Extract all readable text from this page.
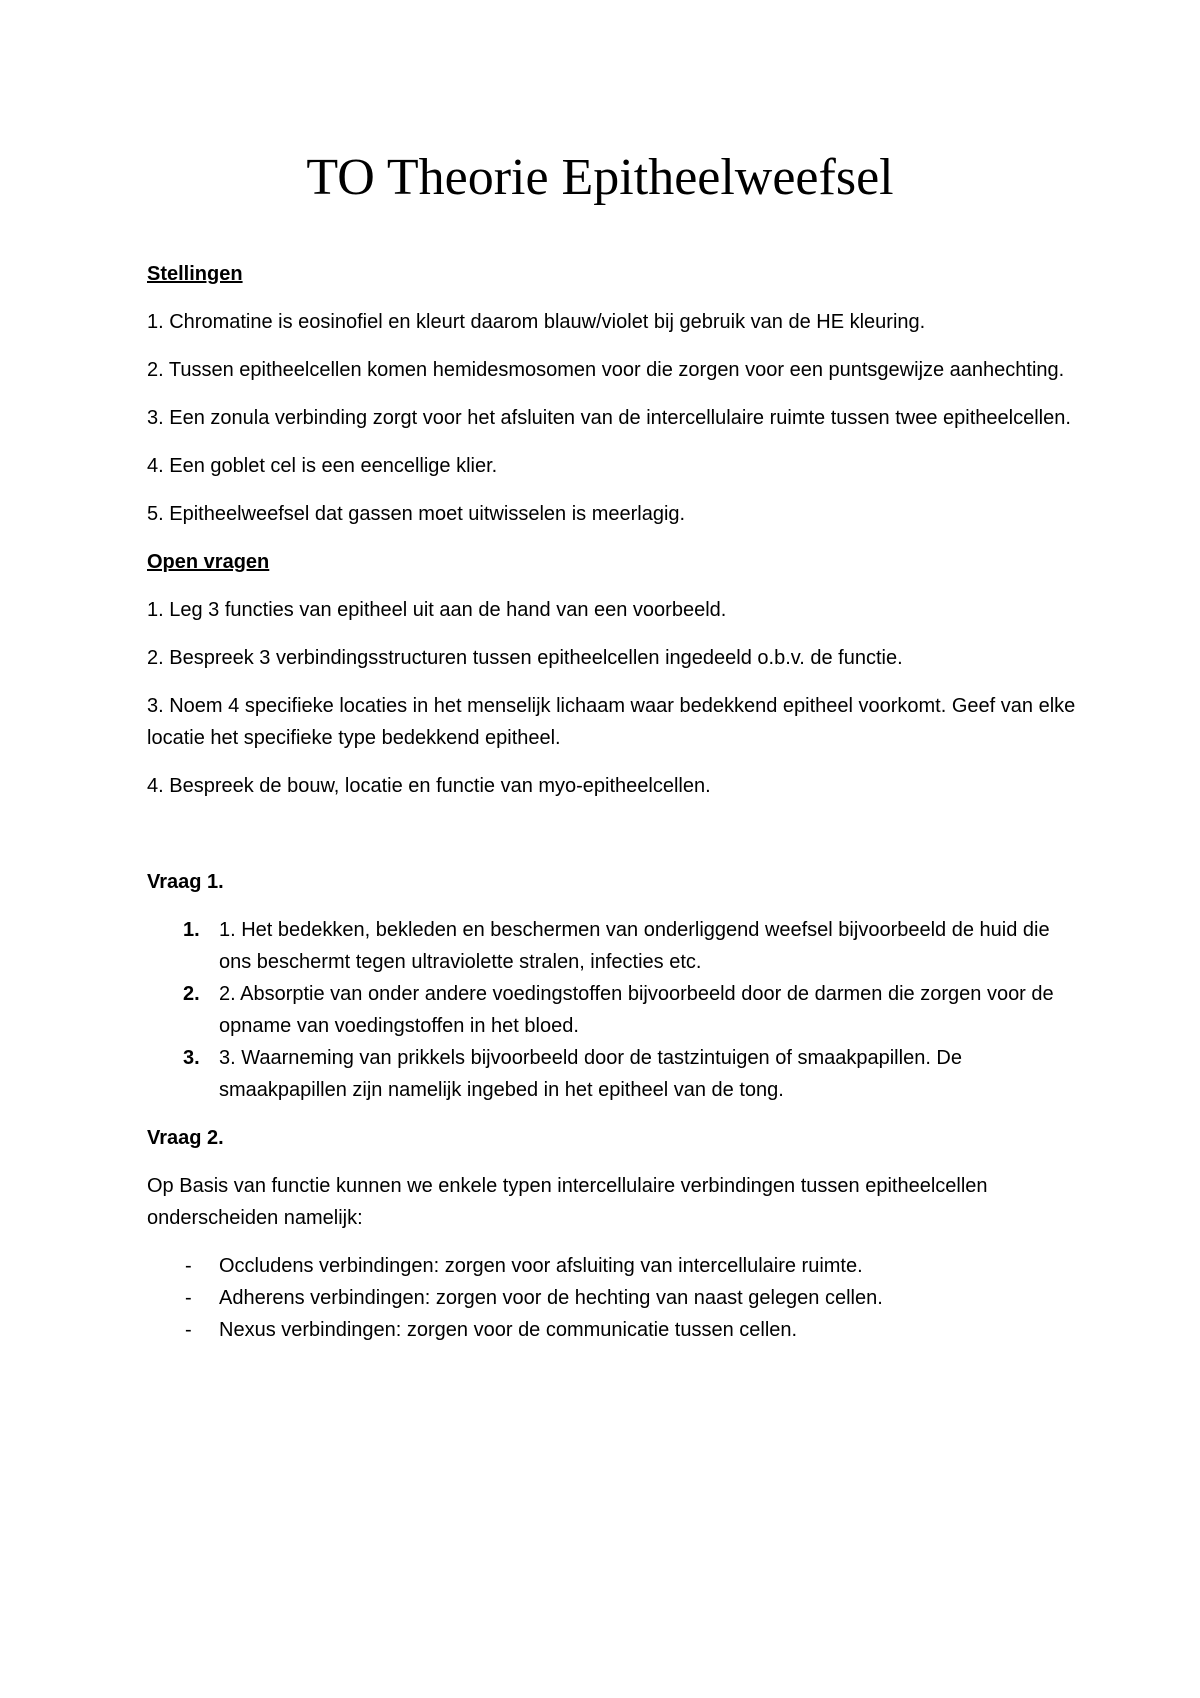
TO Theorie Epitheelweefsel

Stellingen

1. Chromatine is eosinofiel en kleurt daarom blauw/violet bij gebruik van de HE kleuring.

2. Tussen epitheelcellen komen hemidesmosomen voor die zorgen voor een puntsgewijze aanhechting.

3. Een zonula verbinding zorgt voor het afsluiten van de intercellulaire ruimte tussen twee epitheelcellen.

4. Een goblet cel is een eencellige klier.

5. Epitheelweefsel dat gassen moet uitwisselen is meerlagig.

Open vragen

1. Leg 3 functies van epitheel uit aan de hand van een voorbeeld.

2. Bespreek 3 verbindingsstructuren tussen epitheelcellen ingedeeld o.b.v. de functie.

3. Noem 4 specifieke locaties in het menselijk lichaam waar bedekkend epitheel voorkomt. Geef van elke locatie het specifieke type bedekkend epitheel.

4. Bespreek de bouw, locatie en functie van myo-epitheelcellen.

Vraag 1.

1. 1. Het bedekken, bekleden en beschermen van onderliggend weefsel bijvoorbeeld de huid die ons beschermt tegen ultraviolette stralen, infecties etc.
2. 2. Absorptie van onder andere voedingstoffen bijvoorbeeld door de darmen die zorgen voor de opname van voedingstoffen in het bloed.
3. 3. Waarneming van prikkels bijvoorbeeld door de tastzintuigen of smaakpapillen. De smaakpapillen zijn namelijk ingebed in het epitheel van de tong.

Vraag 2.

Op Basis van functie kunnen we enkele typen intercellulaire verbindingen tussen epitheelcellen onderscheiden namelijk:

- Occludens verbindingen: zorgen voor afsluiting van intercellulaire ruimte.
- Adherens verbindingen: zorgen voor de hechting van naast gelegen cellen.
- Nexus verbindingen: zorgen voor de communicatie tussen cellen.
